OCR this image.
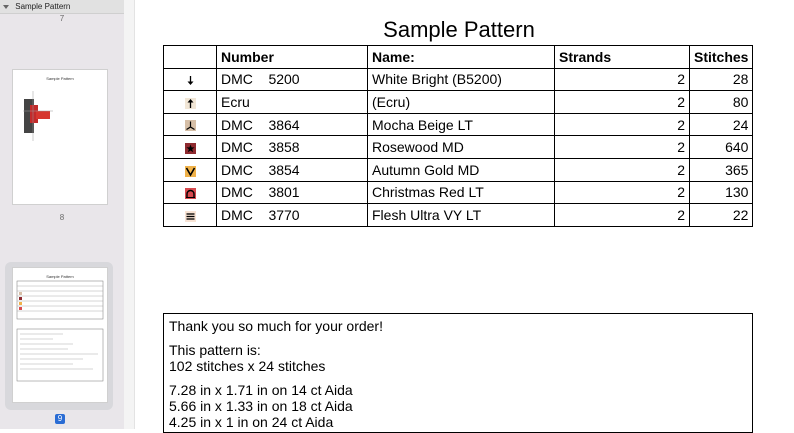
Sample Pattern
7
Sample Pattern
8
Sample Pattern
9
Sample Pattern
	Number	Name:	Strands	Stitches
	DMC    5200	White Bright (B5200)	2	28
	Ecru	(Ecru)	2	80
	DMC    3864	Mocha Beige LT	2	24
	DMC    3858	Rosewood MD	2	640
	DMC    3854	Autumn Gold MD	2	365
	DMC    3801	Christmas Red LT	2	130
	DMC    3770	Flesh Ultra VY LT	2	22

Thank you so much for your order!

This pattern is:

102 stitches x 24 stitches

7.28 in x 1.71 in on 14 ct Aida

5.66 in x 1.33 in on 18 ct Aida

4.25 in x 1 in on 24 ct Aida
